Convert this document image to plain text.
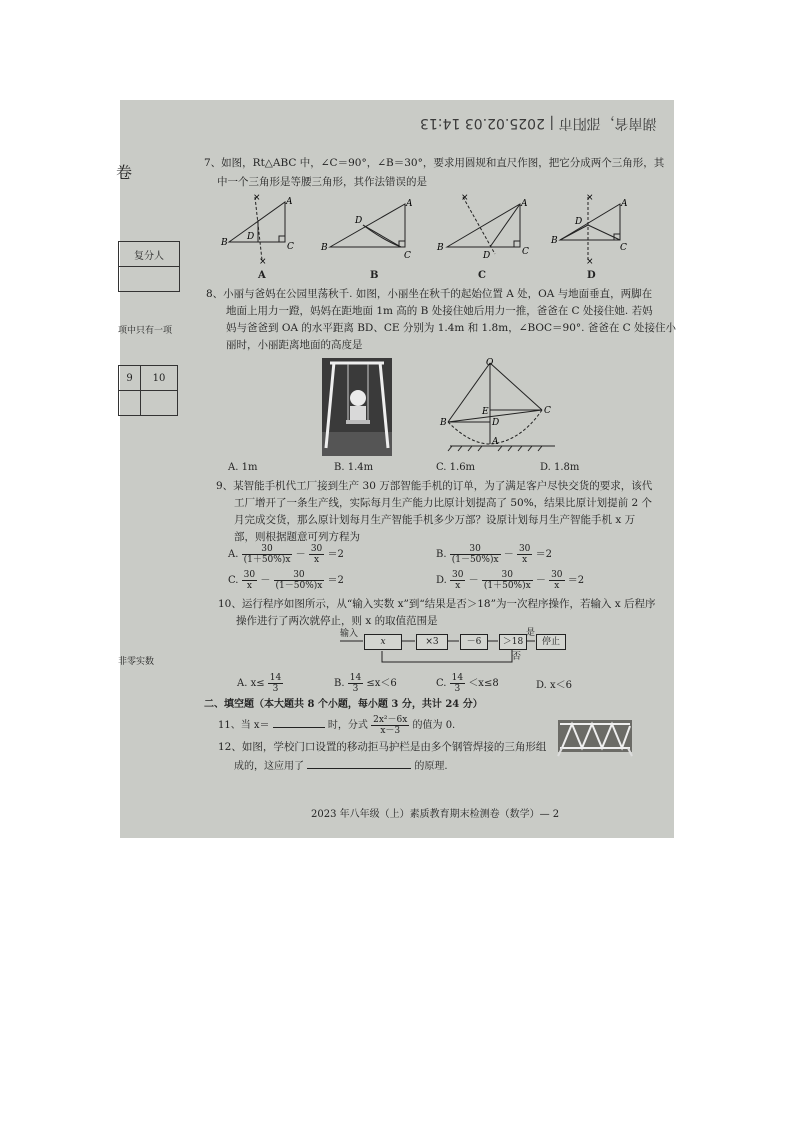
湖南省，邵阳市 | 2025.02.03 14:13
卷
复分人

项中只有一项
9	10

非零实数
7、如图，Rt△ABC 中，∠C＝90°，∠B＝30°，要求用圆规和直尺作图，把它分成两个三角形，其
中一个三角形是等腰三角形，其作法错误的是
A
B	C
D
×
×
A
B
C
D
A
B	C
D
×
A
B
C
D
×
×
A	B	C	D
8、小丽与爸妈在公园里荡秋千. 如图，小丽坐在秋千的起始位置 A 处，OA 与地面垂直，两脚在
地面上用力一蹬，妈妈在距地面 1m 高的 B 处接住她后用力一推，爸爸在 C 处接住她. 若妈
妈与爸爸到 OA 的水平距离 BD、CE 分别为 1.4m 和 1.8m，∠BOC＝90°. 爸爸在 C 处接住小
丽时，小丽距离地面的高度是
O
E	C
B	D
A
A. 1m	B. 1.4m	C. 1.6m	D. 1.8m
9、某智能手机代工厂接到生产 30 万部智能手机的订单，为了满足客户尽快交货的要求，该代
工厂增开了一条生产线，实际每月生产能力比原计划提高了 50%，结果比原计划提前 2 个
月完成交货，那么原计划每月生产智能手机多少万部？设原计划每月生产智能手机 x 万
部，则根据题意可列方程为
A. $\frac{30}{(1+50\%)x} - \frac{30}{x} =2$	B. $\frac{30}{(1-50\%)x} - \frac{30}{x} =2$
C. $\frac{30}{x} - \frac{30}{(1-50\%)x} =2$	D. $\frac{30}{x} - \frac{30}{(1+50\%)x} - \frac{30}{x} =2$
10、运行程序如图所示，从“输入实数 x”到“结果是否＞18”为一次程序操作，若输入 x 后程序
操作进行了两次就停止，则 x 的取值范围是
输入
x	×3	－6	＞18
是
否
停止
A. $x\le \frac{14}{3}$	B. $\frac{14}{3} \le x<6$	C. $\frac{14}{3} <x\le 8$	D. x＜6
二、填空题（本大题共 8 个小题，每小题 3 分，共计 24 分）
11、当 x＝	时，分式 $\frac{\text{2x²－6x}}{x-3}$ 的值为 0.
12、如图，学校门口设置的移动拒马护栏是由多个钢管焊接的三角形组
成的，这应用了	的原理.
2023 年八年级（上）素质教育期末检测卷（数学）— 2
